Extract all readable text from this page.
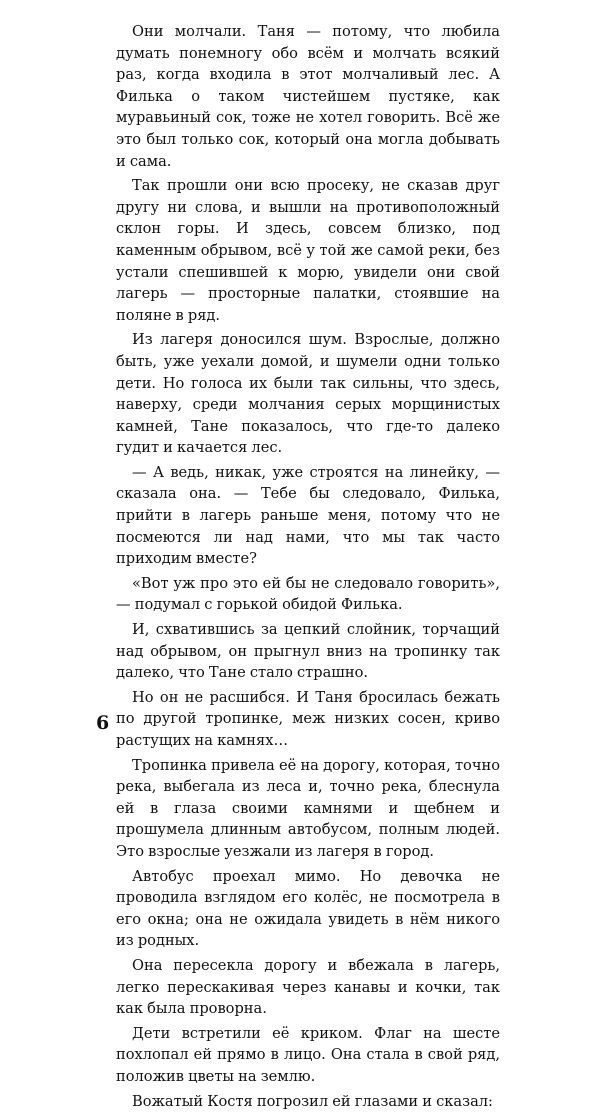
Они молчали. Таня — потому, что любила думать понемногу обо всём и молчать всякий раз, когда входила в этот молчаливый лес. А Филька о таком чистейшем пустяке, как муравьиный сок, тоже не хотел говорить. Всё же это был только сок, который она могла добывать и сама.

Так прошли они всю просеку, не сказав друг другу ни слова, и вышли на противоположный склон горы. И здесь, совсем близко, под каменным обрывом, всё у той же самой реки, без устали спешившей к морю, увидели они свой лагерь — просторные палатки, стоявшие на поляне в ряд.

Из лагеря доносился шум. Взрослые, должно быть, уже уехали домой, и шумели одни только дети. Но голоса их были так сильны, что здесь, наверху, среди молчания серых морщинистых камней, Тане показалось, что где-то далеко гудит и качается лес.

— А ведь, никак, уже строятся на линейку, — сказала она. — Тебе бы следовало, Филька, прийти в лагерь раньше меня, потому что не посмеются ли над нами, что мы так часто приходим вместе?

«Вот уж про это ей бы не следовало говорить», — подумал с горькой обидой Филька.

И, схватившись за цепкий слойник, торчащий над обрывом, он прыгнул вниз на тропинку так далеко, что Тане стало страшно.

Но он не расшибся. И Таня бросилась бежать по другой тропинке, меж низких сосен, криво растущих на камнях…

Тропинка привела её на дорогу, которая, точно река, выбегала из леса и, точно река, блеснула ей в глаза своими камнями и щебнем и прошумела длинным автобусом, полным людей. Это взрослые уезжали из лагеря в город.

Автобус проехал мимо. Но девочка не проводила взглядом его колёс, не посмотрела в его окна; она не ожидала увидеть в нём никого из родных.

Она пересекла дорогу и вбежала в лагерь, легко перескакивая через канавы и кочки, так как была проворна.

Дети встретили её криком. Флаг на шесте похлопал ей прямо в лицо. Она стала в свой ряд, положив цветы на землю.

Вожатый Костя погрозил ей глазами и сказал:

6
